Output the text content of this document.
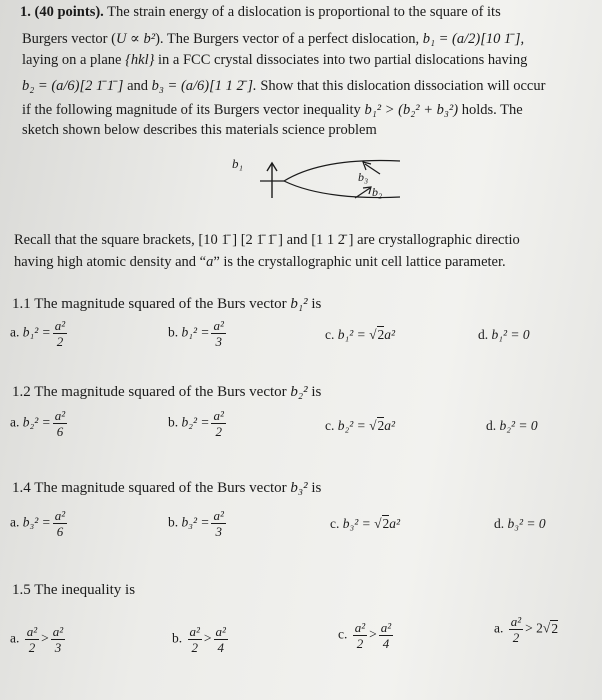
1. (40 points). The strain energy of a dislocation is proportional to the square of its
Burgers vector (U ∝ b²). The Burgers vector of a perfect dislocation, b₁ = (a/2)[10 1̄ ],
laying on a plane {hkl} in a FCC crystal dissociates into two partial dislocations having
b₂ = (a/6)[2 1̄ 1̄ ] and b₃ = (a/6)[1 1 2̄ ]. Show that this dislocation dissociation will occur
if the following magnitude of its Burgers vector inequality b₁² > (b₂² + b₃²) holds. The
sketch shown below describes this materials science problem
b₁
b₃
b₂
Recall that the square brackets, [10 1̄ ] [2 1̄ 1̄ ] and [1 1 2̄ ] are crystallographic directio
having high atomic density and “a” is the crystallographic unit cell lattice parameter.
1.1 The magnitude squared of the Burs vector b₁² is
a. $b_1^2 = \frac{\text{a²}}{2}$	b. $b_1^2 = \frac{\text{a²}}{3}$	c. b₁² = √2a²	d. b₁² = 0
1.2 The magnitude squared of the Burs vector b₂² is
a. $b_2^2 = \frac{\text{a²}}{6}$	b. $b_2^2 = \frac{\text{a²}}{2}$	c. b₂² = √2a²	d. b₂² = 0
1.4 The magnitude squared of the Burs vector b₃² is
a. $b_3^2 = \frac{\text{a²}}{6}$	b. $b_3^2 = \frac{\text{a²}}{3}$	c. b₃² = √2a²	d. b₃² = 0
1.5 The inequality is
a. $\frac{\text{a²}}{2} > \frac{\text{a²}}{3}$	b. $\frac{\text{a²}}{2} > \frac{\text{a²}}{4}$	c. $\frac{\text{a²}}{2} > \frac{\text{a²}}{4}$	a. $\frac{\text{a²}}{2} > 2√2$
